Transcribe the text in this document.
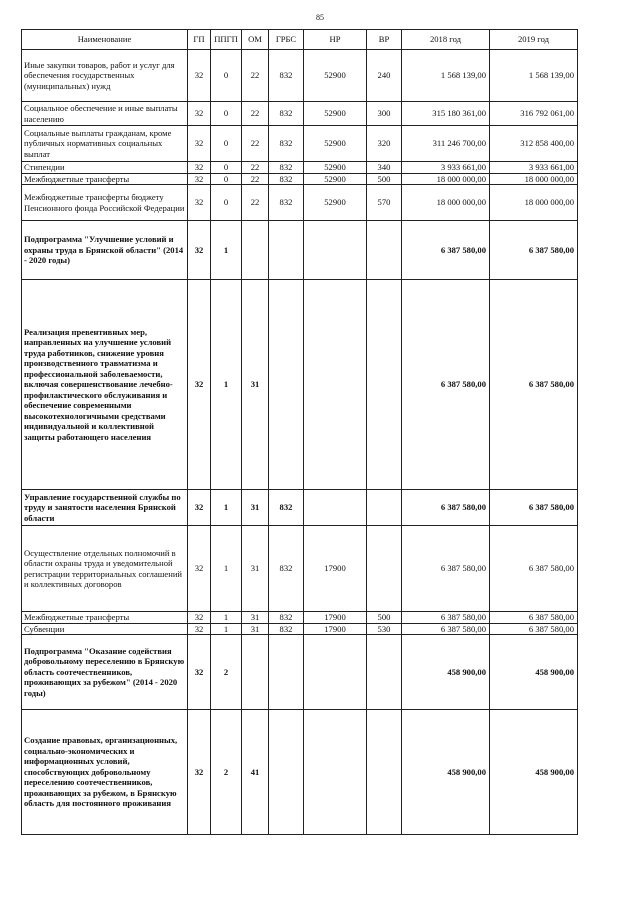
85
Наименование	ГП	ППГП	ОМ	ГРБС	НР	ВР	2018 год	2019 год
Иные закупки товаров, работ и услуг для обеспечения государственных (муниципальных) нужд	32	0	22	832	52900	240	1 568 139,00	1 568 139,00
Социальное обеспечение и иные выплаты населению	32	0	22	832	52900	300	315 180 361,00	316 792 061,00
Социальные выплаты гражданам, кроме публичных нормативных социальных выплат	32	0	22	832	52900	320	311 246 700,00	312 858 400,00
Стипендии	32	0	22	832	52900	340	3 933 661,00	3 933 661,00
Межбюджетные трансферты	32	0	22	832	52900	500	18 000 000,00	18 000 000,00
Межбюджетные трансферты бюджету Пенсионного фонда Российской Федерации	32	0	22	832	52900	570	18 000 000,00	18 000 000,00
Подпрограмма "Улучшение условий и охраны труда в Брянской области" (2014 - 2020 годы)	32	1					6 387 580,00	6 387 580,00
Реализация превентивных мер, направленных на улучшение условий труда работников, снижение уровня производственного травматизма и профессиональной заболеваемости, включая совершенствование лечебно-профилактического обслуживания и обеспечение современными высокотехнологичными средствами индивидуальной и коллективной защиты работающего населения	32	1	31				6 387 580,00	6 387 580,00
Управление государственной службы по труду и занятости населения Брянской области	32	1	31	832			6 387 580,00	6 387 580,00
Осуществление отдельных полномочий в области охраны труда и уведомительной регистрации территориальных соглашений и коллективных договоров	32	1	31	832	17900		6 387 580,00	6 387 580,00
Межбюджетные трансферты	32	1	31	832	17900	500	6 387 580,00	6 387 580,00
Субвенции	32	1	31	832	17900	530	6 387 580,00	6 387 580,00
Подпрограмма "Оказание содействия добровольному переселению в Брянскую область соотечественников, проживающих за рубежом" (2014 - 2020 годы)	32	2					458 900,00	458 900,00
Создание правовых, организационных, социально-экономических и информационных условий, способствующих добровольному переселению соотечественников, проживающих за рубежом, в Брянскую область для постоянного проживания	32	2	41				458 900,00	458 900,00
